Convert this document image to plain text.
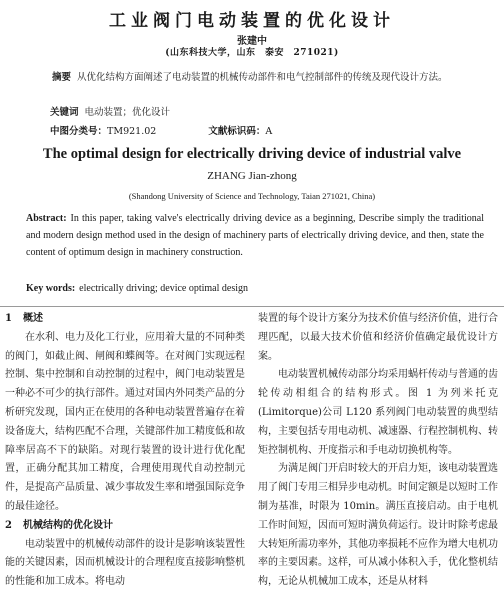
工业阀门电动装置的优化设计
张建中
(山东科技大学，山东　泰安　271021)
摘要 从优化结构方面阐述了电动装置的机械传动部件和电气控制部件的传统及现代设计方法。
关键词 电动装置；优化设计
中图分类号：TM921.02	文献标识码：A
The optimal design for electrically driving device of industrial valve
ZHANG Jian-zhong
(Shandong University of Science and Technology, Taian 271021, China)
Abstract: In this paper, taking valve's electrically driving device as a beginning, Describe simply the traditional and modern design method used in the design of machinery parts of electrically driving device, and then, state the content of optimum design in machinery construction.
Key words: electrically driving; device optimal design

1 概述

在水利、电力及化工行业，应用着大量的不同种类的阀门，如截止阀、闸阀和蝶阀等。在对阀门实现远程控制、集中控制和自动控制的过程中，阀门电动装置是一种必不可少的执行部件。通过对国内外同类产品的分析研究发现，国内正在使用的各种电动装置普遍存在着设备庞大，结构匹配不合理，关键部件加工精度低和故障率居高不下的缺陷。对现行装置的设计进行优化配置，正确分配其加工精度，合理使用现代自动控制元件，是提高产品质量、减少事故发生率和增强国际竞争的最佳途径。

2 机械结构的优化设计

电动装置中的机械传动部件的设计是影响该装置性能的关键因素，因而机械设计的合理程度直接影响整机的性能和加工成本。将电动

装置的每个设计方案分为技术价值与经济价值，进行合理匹配，以最大技术价值和经济价值确定最优设计方案。

电动装置机械传动部分均采用蜗杆传动与普通的齿轮传动相组合的结构形式。图 1 为列米托克(Limitorque)公司 L120 系列阀门电动装置的典型结构，主要包括专用电动机、减速器、行程控制机构、转矩控制机构、开度指示和手电动切换机构等。

为满足阀门开启时较大的开启力矩，该电动装置选用了阀门专用三相异步电动机。时间定额是以短时工作制为基准，时限为 10min。满压直接启动。由于电机工作时间短，因而可短时满负荷运行。设计时除考虑最大转矩所需功率外，其他功率损耗不应作为增大电机功率的主要因素。这样，可从减小体积入手，优化整机结构，无论从机械加工成本，还是从材料
